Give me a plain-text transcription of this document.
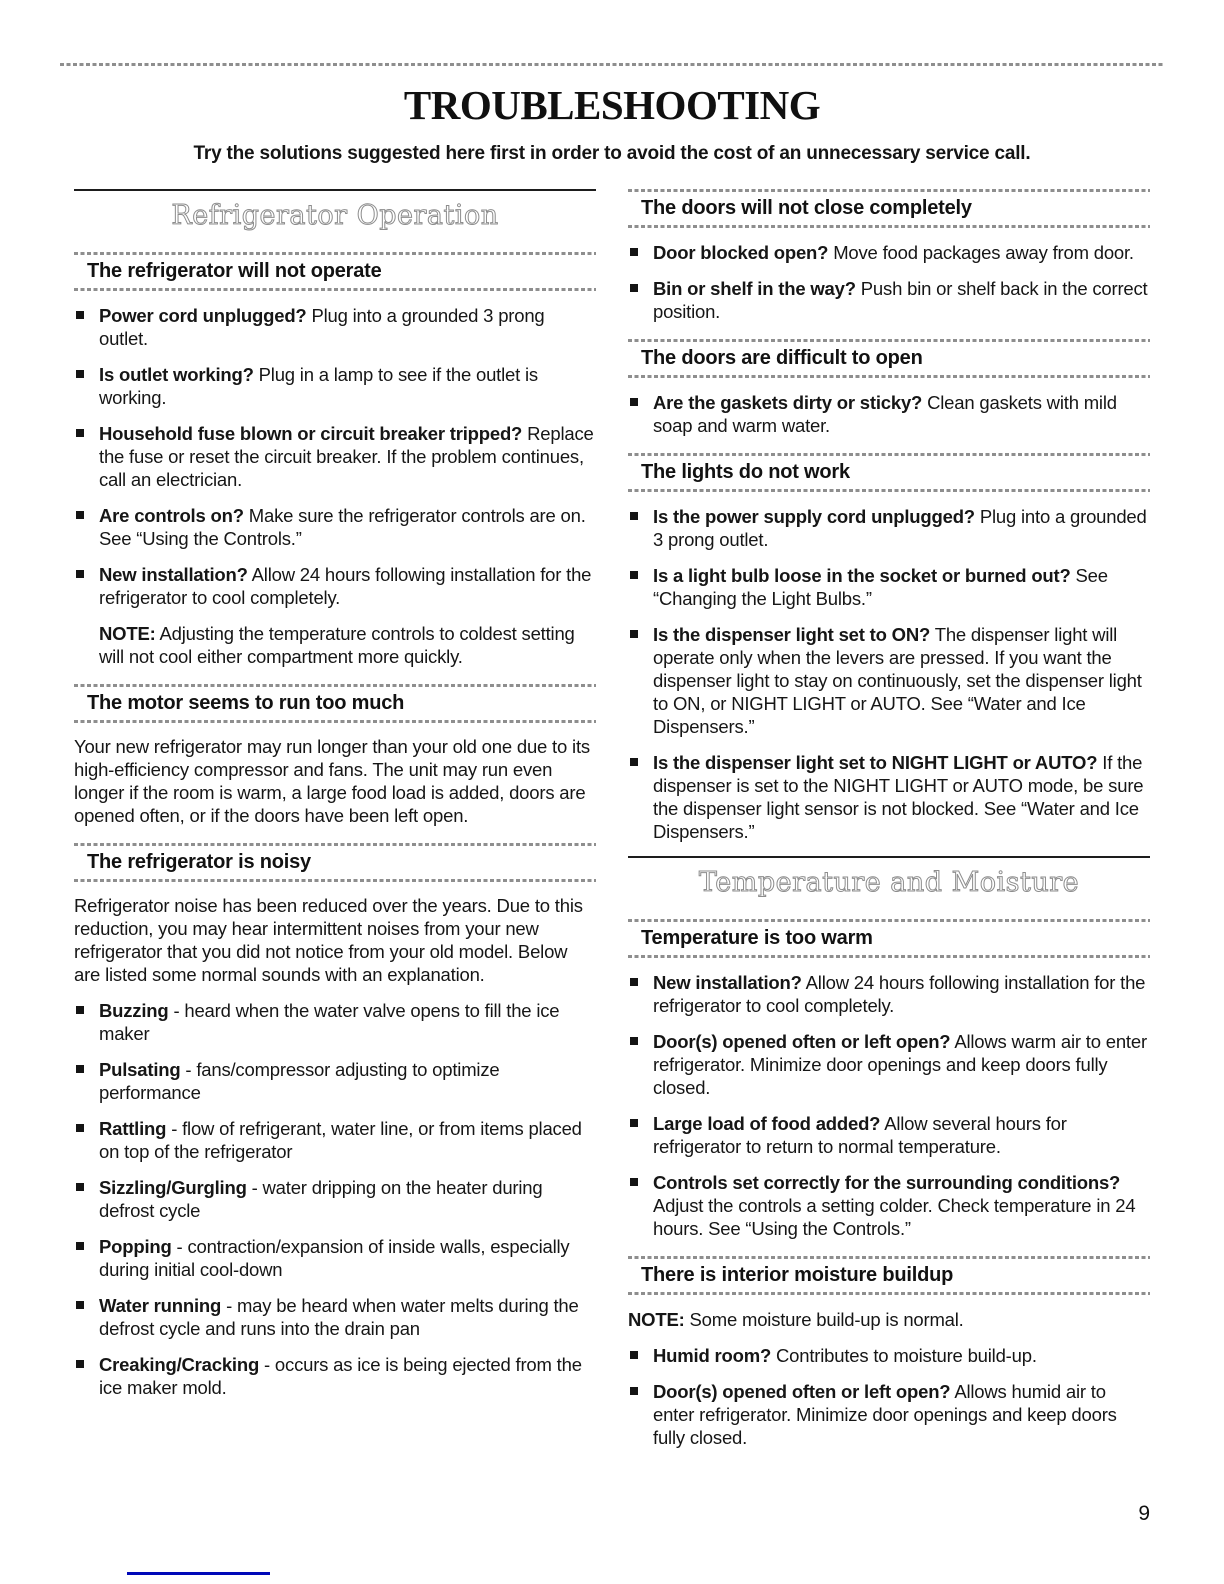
TROUBLESHOOTING
Try the solutions suggested here first in order to avoid the cost of an unnecessary service call.
Refrigerator Operation
The refrigerator will not operate
Power cord unplugged? Plug into a grounded 3 prong outlet.
Is outlet working? Plug in a lamp to see if the outlet is working.
Household fuse blown or circuit breaker tripped? Replace the fuse or reset the circuit breaker. If the problem continues, call an electrician.
Are controls on? Make sure the refrigerator controls are on. See “Using the Controls.”
New installation? Allow 24 hours following installation for the refrigerator to cool completely.
NOTE: Adjusting the temperature controls to coldest setting will not cool either compartment more quickly.
The motor seems to run too much
Your new refrigerator may run longer than your old one due to its high-efficiency compressor and fans. The unit may run even longer if the room is warm, a large food load is added, doors are opened often, or if the doors have been left open.
The refrigerator is noisy
Refrigerator noise has been reduced over the years. Due to this reduction, you may hear intermittent noises from your new refrigerator that you did not notice from your old model. Below are listed some normal sounds with an explanation.
Buzzing - heard when the water valve opens to fill the ice maker
Pulsating - fans/compressor adjusting to optimize performance
Rattling - flow of refrigerant, water line, or from items placed on top of the refrigerator
Sizzling/Gurgling - water dripping on the heater during defrost cycle
Popping - contraction/expansion of inside walls, especially during initial cool-down
Water running - may be heard when water melts during the defrost cycle and runs into the drain pan
Creaking/Cracking - occurs as ice is being ejected from the ice maker mold.
The doors will not close completely
Door blocked open? Move food packages away from door.
Bin or shelf in the way? Push bin or shelf back in the correct position.
The doors are difficult to open
Are the gaskets dirty or sticky? Clean gaskets with mild soap and warm water.
The lights do not work
Is the power supply cord unplugged? Plug into a grounded 3 prong outlet.
Is a light bulb loose in the socket or burned out? See “Changing the Light Bulbs.”
Is the dispenser light set to ON? The dispenser light will operate only when the levers are pressed. If you want the dispenser light to stay on continuously, set the dispenser light to ON, or NIGHT LIGHT or AUTO. See “Water and Ice Dispensers.”
Is the dispenser light set to NIGHT LIGHT or AUTO? If the dispenser is set to the NIGHT LIGHT or AUTO mode, be sure the dispenser light sensor is not blocked. See “Water and Ice Dispensers.”
Temperature and Moisture
Temperature is too warm
New installation? Allow 24 hours following installation for the refrigerator to cool completely.
Door(s) opened often or left open? Allows warm air to enter refrigerator. Minimize door openings and keep doors fully closed.
Large load of food added? Allow several hours for refrigerator to return to normal temperature.
Controls set correctly for the surrounding conditions? Adjust the controls a setting colder. Check temperature in 24 hours. See “Using the Controls.”
There is interior moisture buildup
NOTE: Some moisture build-up is normal.
Humid room? Contributes to moisture build-up.
Door(s) opened often or left open? Allows humid air to enter refrigerator. Minimize door openings and keep doors fully closed.
9
